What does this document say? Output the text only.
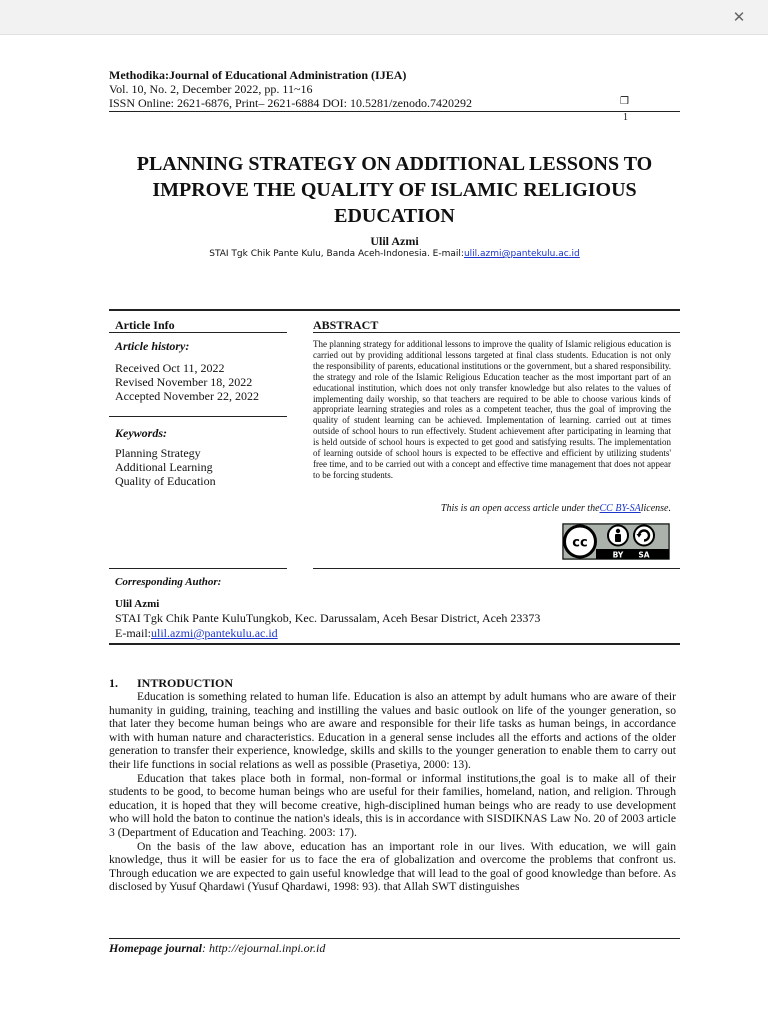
✕
Methodika:Journal of Educational Administration (IJEA)
Vol. 10, No. 2, December 2022, pp. 11~16
ISSN Online: 2621-6876, Print– 2621-6884 DOI: 10.5281/zenodo.7420292	❒
1
PLANNING STRATEGY ON ADDITIONAL LESSONS TO
IMPROVE THE QUALITY OF ISLAMIC RELIGIOUS
EDUCATION
Ulil Azmi
STAI Tgk Chik Pante Kulu, Banda Aceh-Indonesia. E-mail:ulil.azmi@pantekulu.ac.id
Article Info
Article history:
Received Oct 11, 2022
Revised November 18, 2022
Accepted November 22, 2022
Keywords:
Planning Strategy
Additional Learning
Quality of Education
ABSTRACT
The planning strategy for additional lessons to improve the quality of Islamic religious education is carried out by providing additional lessons targeted at final class students. Education is not only the responsibility of parents, educational institutions or the government, but a shared responsibility. the strategy and role of the Islamic Religious Education teacher as the most important part of an educational institution, which does not only transfer knowledge but also relates to the values of implementing daily worship, so that teachers are required to be able to choose various kinds of appropriate learning strategies and roles as a competent teacher, thus the goal of improving the quality of student learning can be achieved. Implementation of learning. carried out at times outside of school hours to run effectively. Student achievement after participating in learning that is held outside of school hours is expected to get good and satisfying results. The implementation of learning outside of school hours is expected to be effective and efficient by utilizing students' free time, and to be carried out with a concept and effective time management that does not appear to be forcing students.
This is an open access article under theCC BY-SAlicense.
cc
BY SA
Corresponding Author:
Ulil Azmi
STAI Tgk Chik Pante KuluTungkob, Kec. Darussalam, Aceh Besar District, Aceh 23373
E-mail:ulil.azmi@pantekulu.ac.id
1. INTRODUCTION

Education is something related to human life. Education is also an attempt by adult humans who are aware of their humanity in guiding, training, teaching and instilling the values and basic outlook on life of the younger generation, so that later they become human beings who are aware and responsible for their life tasks as human beings, in accordance with with human nature and characteristics. Education in a general sense includes all the efforts and actions of the older generation to transfer their experience, knowledge, skills and skills to the younger generation to enable them to carry out their life functions in social relations as well as possible (Prasetiya, 2000: 13).

Education that takes place both in formal, non-formal or informal institutions,the goal is to make all of their students to be good, to become human beings who are useful for their families, homeland, nation, and religion. Through education, it is hoped that they will become creative, high-disciplined human beings who are ready to use development who will hold the baton to continue the nation's ideals, this is in accordance with SISDIKNAS Law No. 20 of 2003 article 3 (Department of Education and Teaching. 2003: 17).

On the basis of the law above, education has an important role in our lives. With education, we will gain knowledge, thus it will be easier for us to face the era of globalization and overcome the problems that confront us. Through education we are expected to gain useful knowledge that will lead to the goal of good knowledge than before. As disclosed by Yusuf Qhardawi (Yusuf Qhardawi, 1998: 93). that Allah SWT distinguishes

Homepage journal: http://ejournal.inpi.or.id
